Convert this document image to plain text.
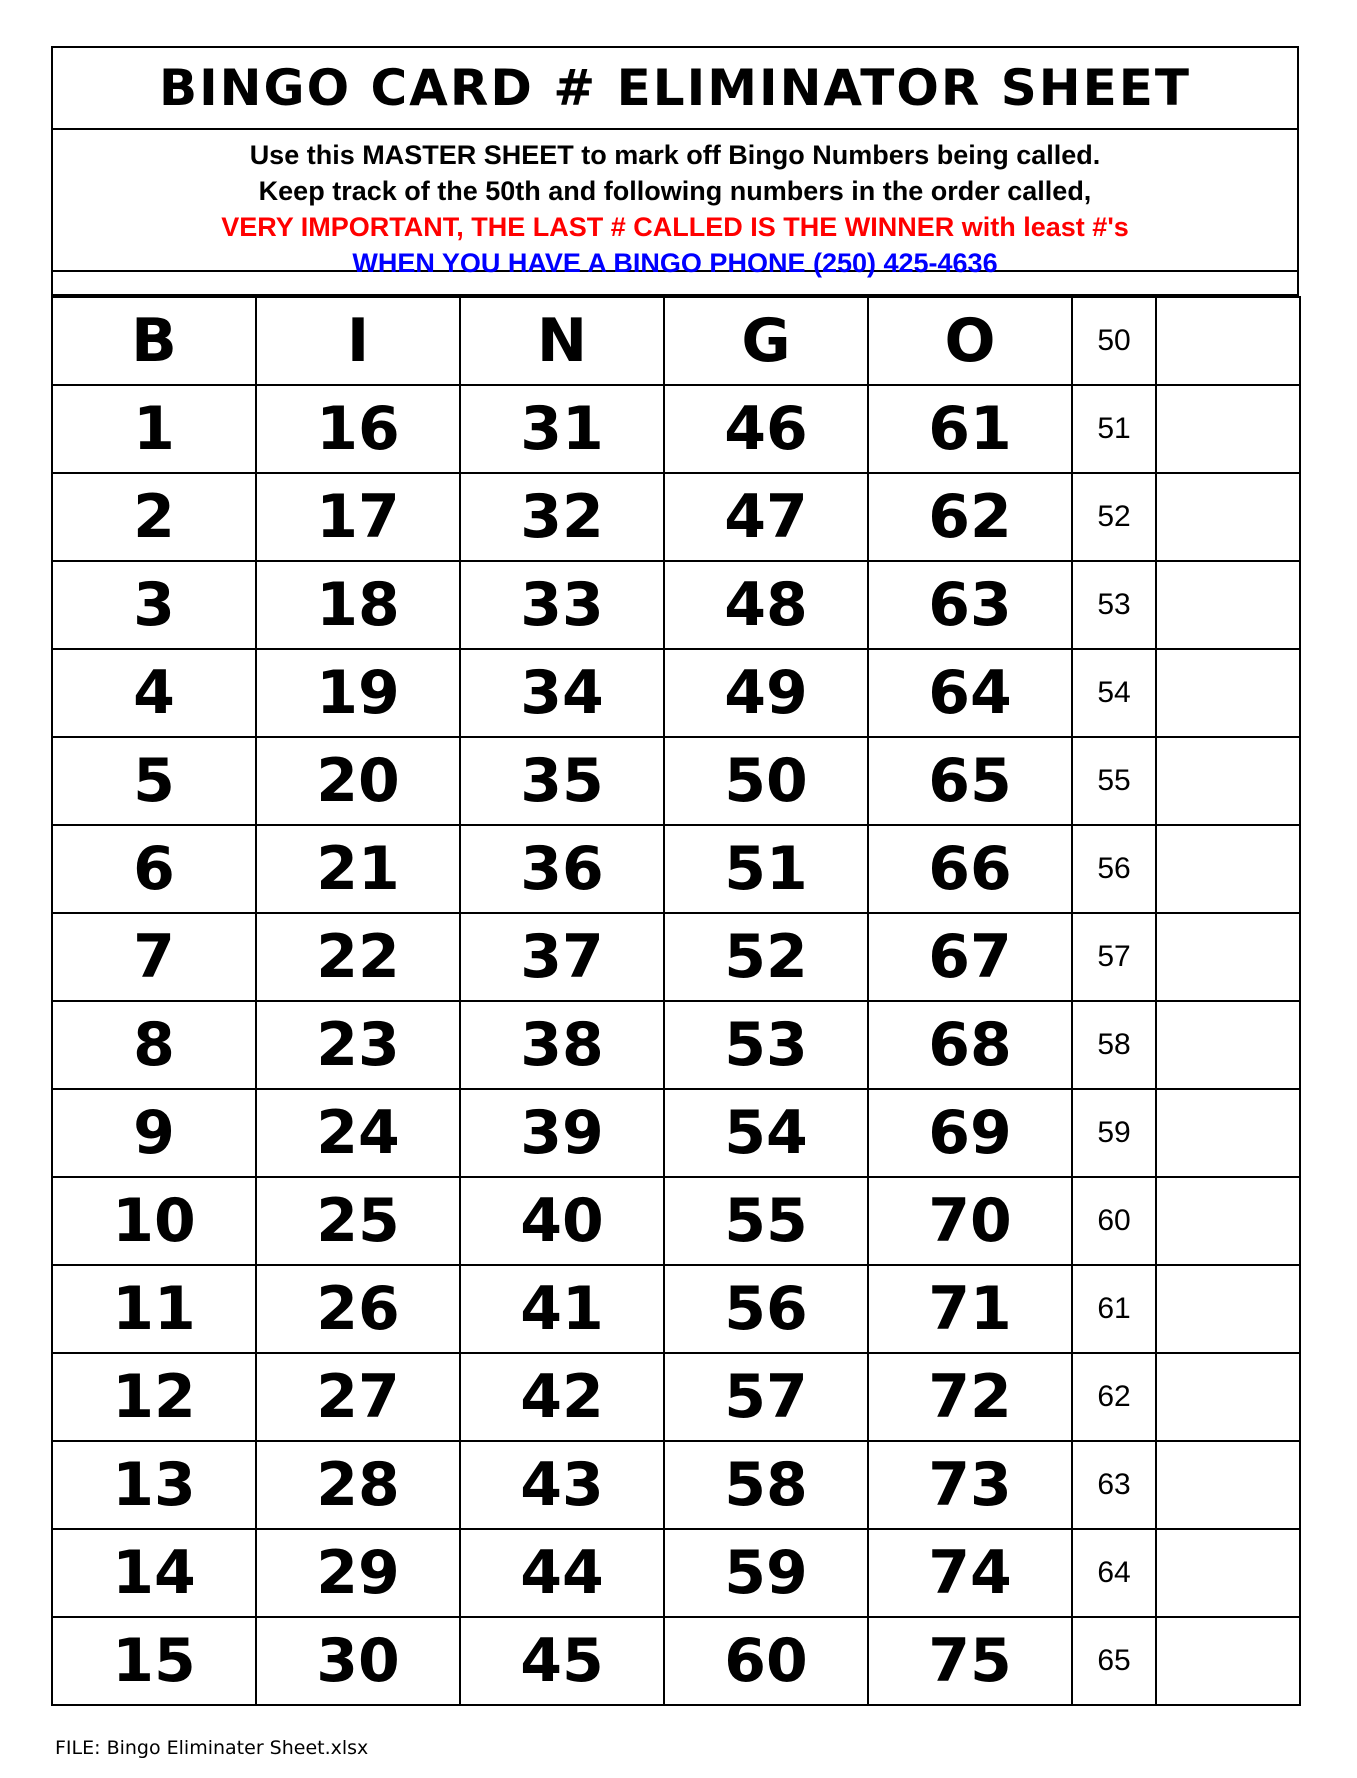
BINGO CARD # ELIMINATOR SHEET
Use this MASTER SHEET to mark off Bingo Numbers being called.
Keep track of the 50th and following numbers in the order called,
VERY IMPORTANT, THE LAST # CALLED IS THE WINNER with least #'s
WHEN YOU HAVE A BINGO PHONE (250) 425-4636
B	I	N	G	O	50	
1	16	31	46	61	51	
2	17	32	47	62	52	
3	18	33	48	63	53	
4	19	34	49	64	54	
5	20	35	50	65	55	
6	21	36	51	66	56	
7	22	37	52	67	57	
8	23	38	53	68	58	
9	24	39	54	69	59	
10	25	40	55	70	60	
11	26	41	56	71	61	
12	27	42	57	72	62	
13	28	43	58	73	63	
14	29	44	59	74	64	
15	30	45	60	75	65	
FILE: Bingo Eliminater Sheet.xlsx
